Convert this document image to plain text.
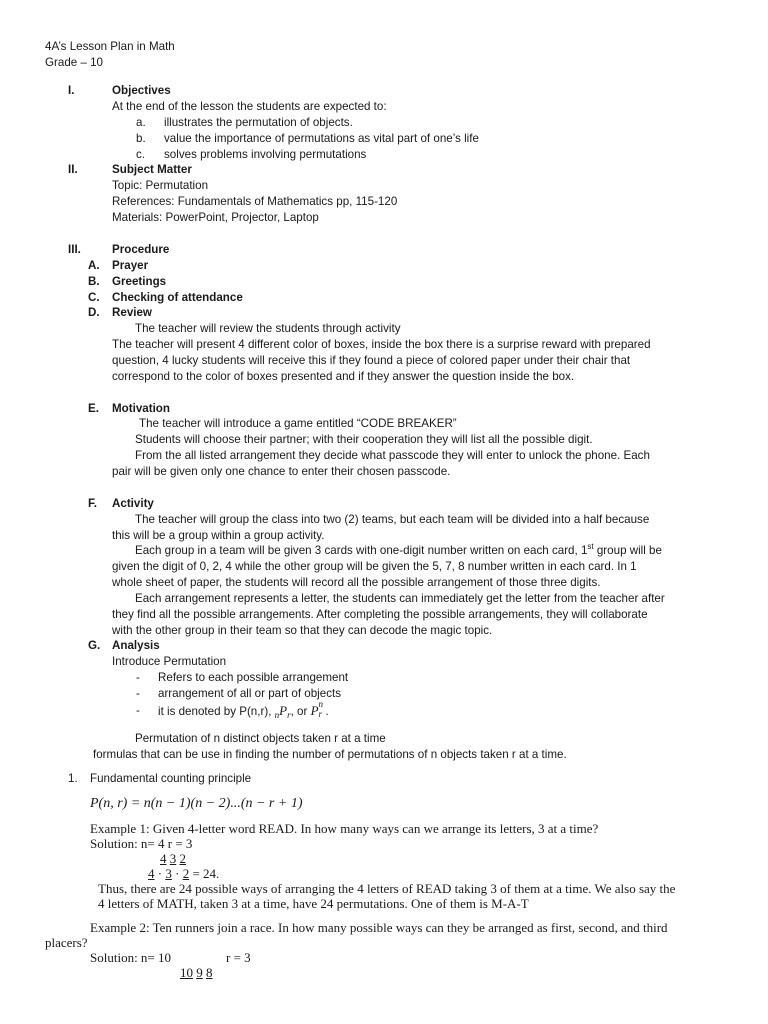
4A’s Lesson Plan in Math
Grade – 10
I.	Objectives
At the end of the lesson the students are expected to:
a. illustrates the permutation of objects.
b. value the importance of permutations as vital part of one’s life
c. solves problems involving permutations
II.	Subject Matter
Topic: Permutation
References: Fundamentals of Mathematics pp, 115-120
Materials: PowerPoint, Projector, Laptop
III.	Procedure
A. Prayer
B. Greetings
C. Checking of attendance
D. Review
The teacher will review the students through activity
The teacher will present 4 different color of boxes, inside the box there is a surprise reward with prepared
question, 4 lucky students will receive this if they found a piece of colored paper under their chair that
correspond to the color of boxes presented and if they answer the question inside the box.
E. Motivation
The teacher will introduce a game entitled “CODE BREAKER”
Students will choose their partner; with their cooperation they will list all the possible digit.
From the all listed arrangement they decide what passcode they will enter to unlock the phone. Each
pair will be given only one chance to enter their chosen passcode.
F. Activity
The teacher will group the class into two (2) teams, but each team will be divided into a half because
this will be a group within a group activity.
Each group in a team will be given 3 cards with one-digit number written on each card, 1st group will be
given the digit of 0, 2, 4 while the other group will be given the 5, 7, 8 number written in each card. In 1
whole sheet of paper, the students will record all the possible arrangement of those three digits.
Each arrangement represents a letter, the students can immediately get the letter from the teacher after
they find all the possible arrangements. After completing the possible arrangements, they will collaborate
with the other group in their team so that they can decode the magic topic.
G. Analysis
Introduce Permutation
- Refers to each possible arrangement
- arrangement of all or part of objects
- it is denoted by P(n,r), $_nP_r$, or P n
r .
Permutation of n distinct objects taken r at a time
formulas that can be use in finding the number of permutations of n objects taken r at a time.
1. Fundamental counting principle
P(n, r) = n(n − 1)(n − 2)...(n − r + 1)
Example 1: Given 4-letter word READ. In how many ways can we arrange its letters, 3 at a time?
Solution: n= 4 r = 3
4 3 2
4 · 3 · 2 = 24.
Thus, there are 24 possible ways of arranging the 4 letters of READ taking 3 of them at a time. We also say the
4 letters of MATH, taken 3 at a time, have 24 permutations. One of them is M-A-T
Example 2: Ten runners join a race. In how many possible ways can they be arranged as first, second, and third
placers?
Solution: n= 10	r = 3
10 9 8
